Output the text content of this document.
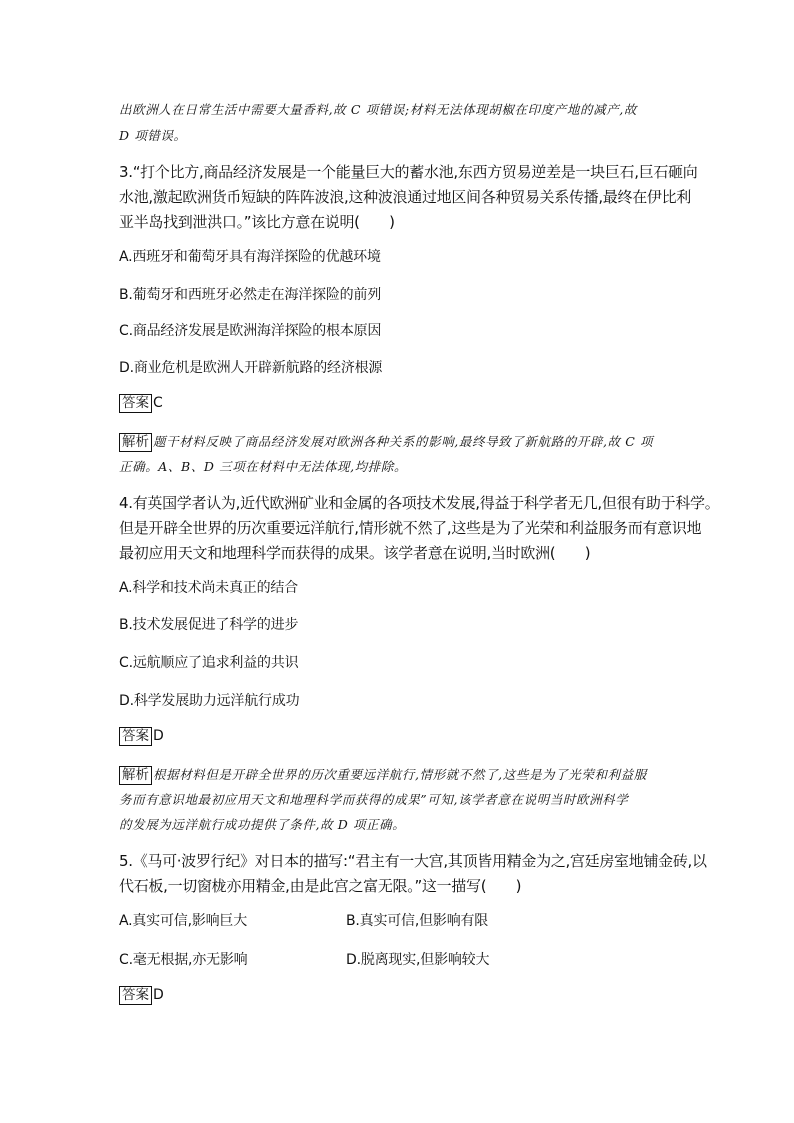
出欧洲人在日常生活中需要大量香料,故 C 项错误;材料无法体现胡椒在印度产地的减产,故
D 项错误。
3.“打个比方,商品经济发展是一个能量巨大的蓄水池,东西方贸易逆差是一块巨石,巨石砸向
水池,激起欧洲货币短缺的阵阵波浪,这种波浪通过地区间各种贸易关系传播,最终在伊比利
亚半岛找到泄洪口。”该比方意在说明(　　)
A.西班牙和葡萄牙具有海洋探险的优越环境
B.葡萄牙和西班牙必然走在海洋探险的前列
C.商品经济发展是欧洲海洋探险的根本原因
D.商业危机是欧洲人开辟新航路的经济根源
答案 C
解析 题干材料反映了商品经济发展对欧洲各种关系的影响,最终导致了新航路的开辟,故 C 项
正确。A、B、D 三项在材料中无法体现,均排除。
4.有英国学者认为,近代欧洲矿业和金属的各项技术发展,得益于科学者无几,但很有助于科学。
但是开辟全世界的历次重要远洋航行,情形就不然了,这些是为了光荣和利益服务而有意识地
最初应用天文和地理科学而获得的成果。该学者意在说明,当时欧洲(　　)
A.科学和技术尚未真正的结合
B.技术发展促进了科学的进步
C.远航顺应了追求利益的共识
D.科学发展助力远洋航行成功
答案 D
解析 根据材料但是开辟全世界的历次重要远洋航行,情形就不然了,这些是为了光荣和利益服
务而有意识地最初应用天文和地理科学而获得的成果”可知,该学者意在说明当时欧洲科学
的发展为远洋航行成功提供了条件,故 D 项正确。
5.《马可·波罗行纪》对日本的描写:“君主有一大宫,其顶皆用精金为之,宫廷房室地铺金砖,以
代石板,一切窗栊亦用精金,由是此宫之富无限。”这一描写(　　)
A.真实可信,影响巨大	B.真实可信,但影响有限
C.毫无根据,亦无影响	D.脱离现实,但影响较大
答案 D
